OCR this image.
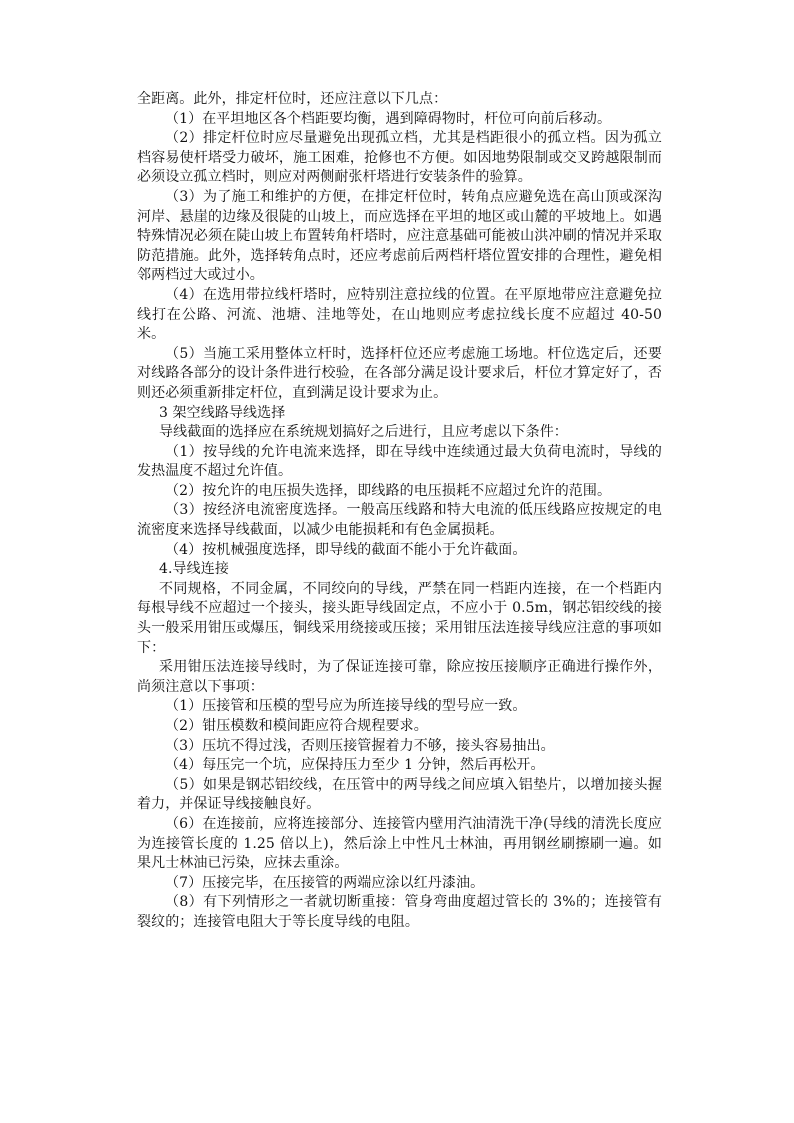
全距离。此外，排定杆位时，还应注意以下几点：

（1）在平坦地区各个档距要均衡，遇到障碍物时，杆位可向前后移动。

（2）排定杆位时应尽量避免出现孤立档，尤其是档距很小的孤立档。因为孤立档容易使杆塔受力破坏，施工困难，抢修也不方便。如因地势限制或交叉跨越限制而必须设立孤立档时，则应对两侧耐张杆塔进行安装条件的验算。

（3）为了施工和维护的方便，在排定杆位时，转角点应避免选在高山顶或深沟河岸、悬崖的边缘及很陡的山坡上，而应选择在平坦的地区或山麓的平坡地上。如遇特殊情况必须在陡山坡上布置转角杆塔时，应注意基础可能被山洪冲刷的情况并采取防范措施。此外，选择转角点时，还应考虑前后两档杆塔位置安排的合理性，避免相邻两档过大或过小。

（4）在选用带拉线杆塔时，应特别注意拉线的位置。在平原地带应注意避免拉线打在公路、河流、池塘、洼地等处，在山地则应考虑拉线长度不应超过 40-50 米。

（5）当施工采用整体立杆时，选择杆位还应考虑施工场地。杆位选定后，还要对线路各部分的设计条件进行校验，在各部分满足设计要求后，杆位才算定好了，否则还必须重新排定杆位，直到满足设计要求为止。

3 架空线路导线选择

导线截面的选择应在系统规划搞好之后进行，且应考虑以下条件：

（1）按导线的允许电流来选择，即在导线中连续通过最大负荷电流时，导线的发热温度不超过允许值。

（2）按允许的电压损失选择，即线路的电压损耗不应超过允许的范围。

（3）按经济电流密度选择。一般高压线路和特大电流的低压线路应按规定的电流密度来选择导线截面，以减少电能损耗和有色金属损耗。

（4）按机械强度选择，即导线的截面不能小于允许截面。

4.导线连接

不同规格，不同金属，不同绞向的导线，严禁在同一档距内连接，在一个档距内每根导线不应超过一个接头，接头距导线固定点，不应小于 0.5m，钢芯铝绞线的接头一般采用钳压或爆压，铜线采用绕接或压接；采用钳压法连接导线应注意的事项如下：

采用钳压法连接导线时，为了保证连接可靠，除应按压接顺序正确进行操作外，尚须注意以下事项：

（1）压接管和压模的型号应为所连接导线的型号应一致。

（2）钳压模数和模间距应符合规程要求。

（3）压坑不得过浅，否则压接管握着力不够，接头容易抽出。

（4）每压完一个坑，应保持压力至少 1 分钟，然后再松开。

（5）如果是钢芯铝绞线，在压管中的两导线之间应填入铝垫片，以增加接头握着力，并保证导线接触良好。

（6）在连接前，应将连接部分、连接管内壁用汽油清洗干净(导线的清洗长度应为连接管长度的 1.25 倍以上)，然后涂上中性凡士林油，再用钢丝刷擦刷一遍。如果凡士林油已污染，应抹去重涂。

（7）压接完毕，在压接管的两端应涂以红丹漆油。

（8）有下列情形之一者就切断重接：管身弯曲度超过管长的 3%的；连接管有裂纹的；连接管电阻大于等长度导线的电阻。
